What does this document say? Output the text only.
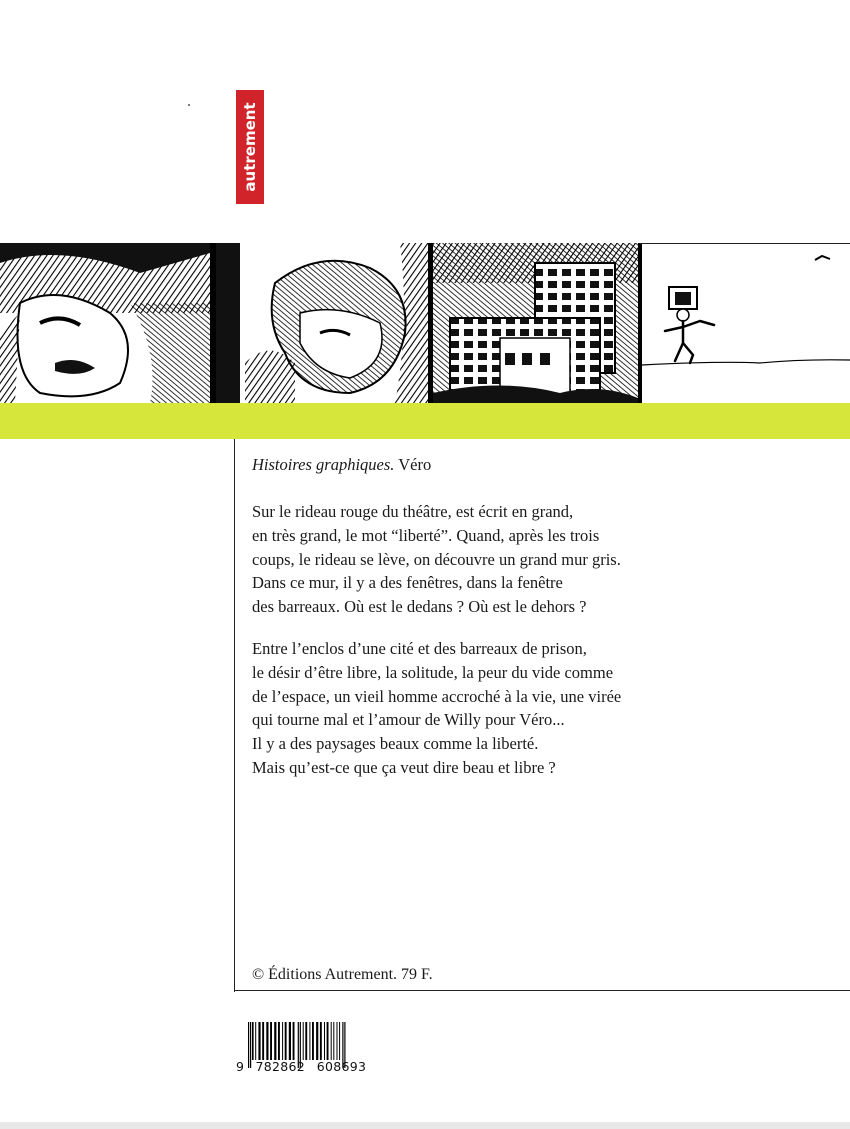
autrement
Histoires graphiques. Véro
Sur le rideau rouge du théâtre, est écrit en grand,
en très grand, le mot “liberté”. Quand, après les trois
coups, le rideau se lève, on découvre un grand mur gris.
Dans ce mur, il y a des fenêtres, dans la fenêtre
des barreaux. Où est le dedans ? Où est le dehors ?
Entre l’enclos d’une cité et des barreaux de prison,
le désir d’être libre, la solitude, la peur du vide comme
de l’espace, un vieil homme accroché à la vie, une virée
qui tourne mal et l’amour de Willy pour Véro...
Il y a des paysages beaux comme la liberté.
Mais qu’est-ce que ça veut dire beau et libre ?
© Éditions Autrement. 79 F.
9 782862 608693
